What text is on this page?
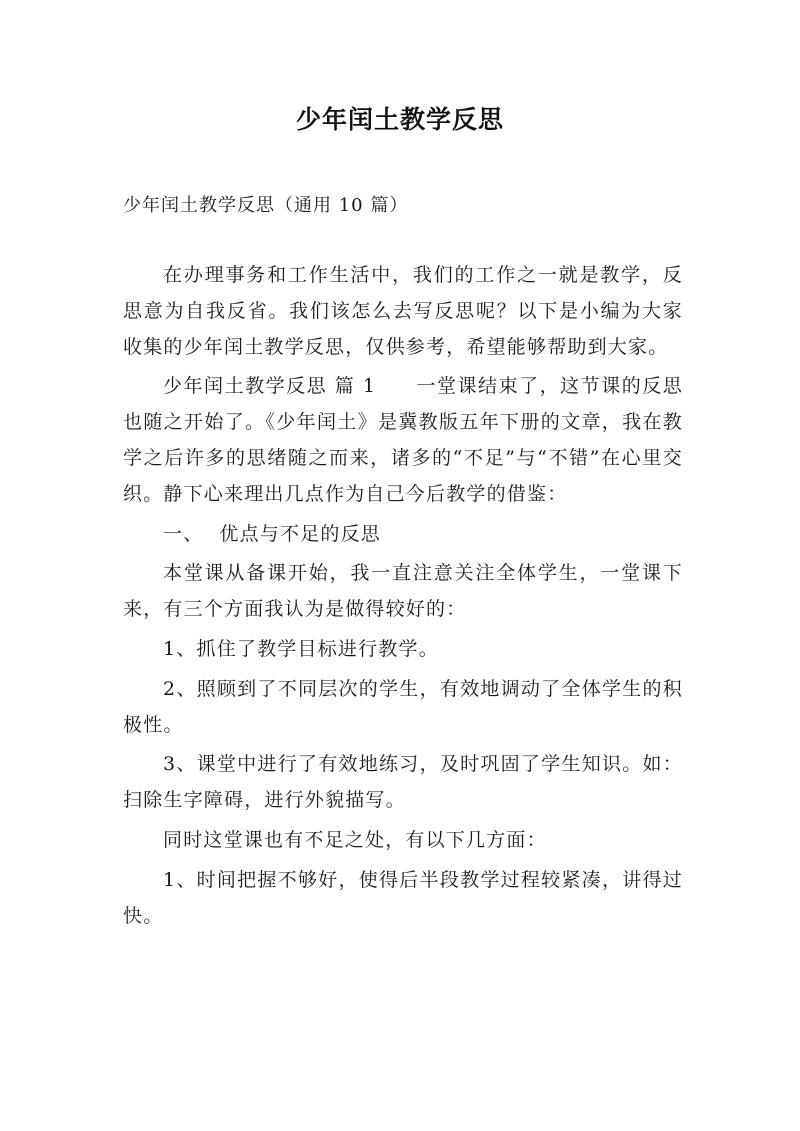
少年闰土教学反思
少年闰土教学反思（通用 10 篇）

在办理事务和工作生活中，我们的工作之一就是教学，反思意为自我反省。我们该怎么去写反思呢？以下是小编为大家收集的少年闰土教学反思，仅供参考，希望能够帮助到大家。

少年闰土教学反思 篇 1 一堂课结束了，这节课的反思也随之开始了。《少年闰土》是冀教版五年下册的文章，我在教学之后许多的思绪随之而来，诸多的“不足”与“不错”在心里交织。静下心来理出几点作为自己今后教学的借鉴：

一、 优点与不足的反思

本堂课从备课开始，我一直注意关注全体学生，一堂课下来，有三个方面我认为是做得较好的：

1、抓住了教学目标进行教学。

2、照顾到了不同层次的学生，有效地调动了全体学生的积极性。

3、课堂中进行了有效地练习，及时巩固了学生知识。如：扫除生字障碍，进行外貌描写。

同时这堂课也有不足之处，有以下几方面：

1、时间把握不够好，使得后半段教学过程较紧凑，讲得过快。
